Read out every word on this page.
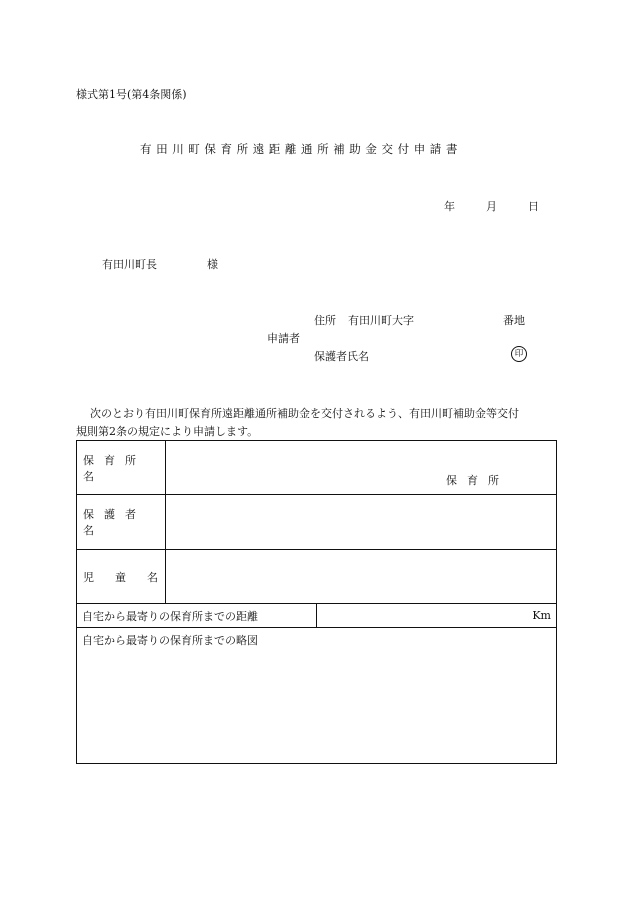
様式第1号(第4条関係)
有田川町保育所遠距離通所補助金交付申請書
年	月	日
有田川町長	様
住所 有田川町大字	番地
申請者
保護者氏名	印
次のとおり有田川町保育所遠距離通所補助金を交付されるよう、有田川町補助金等交付
規則第2条の規定により申請します。
保育所名	保育所	

保護者名		
児 童 名		
自宅から最寄りの保育所までの距離		Km
自宅から最寄りの保育所までの略図		
